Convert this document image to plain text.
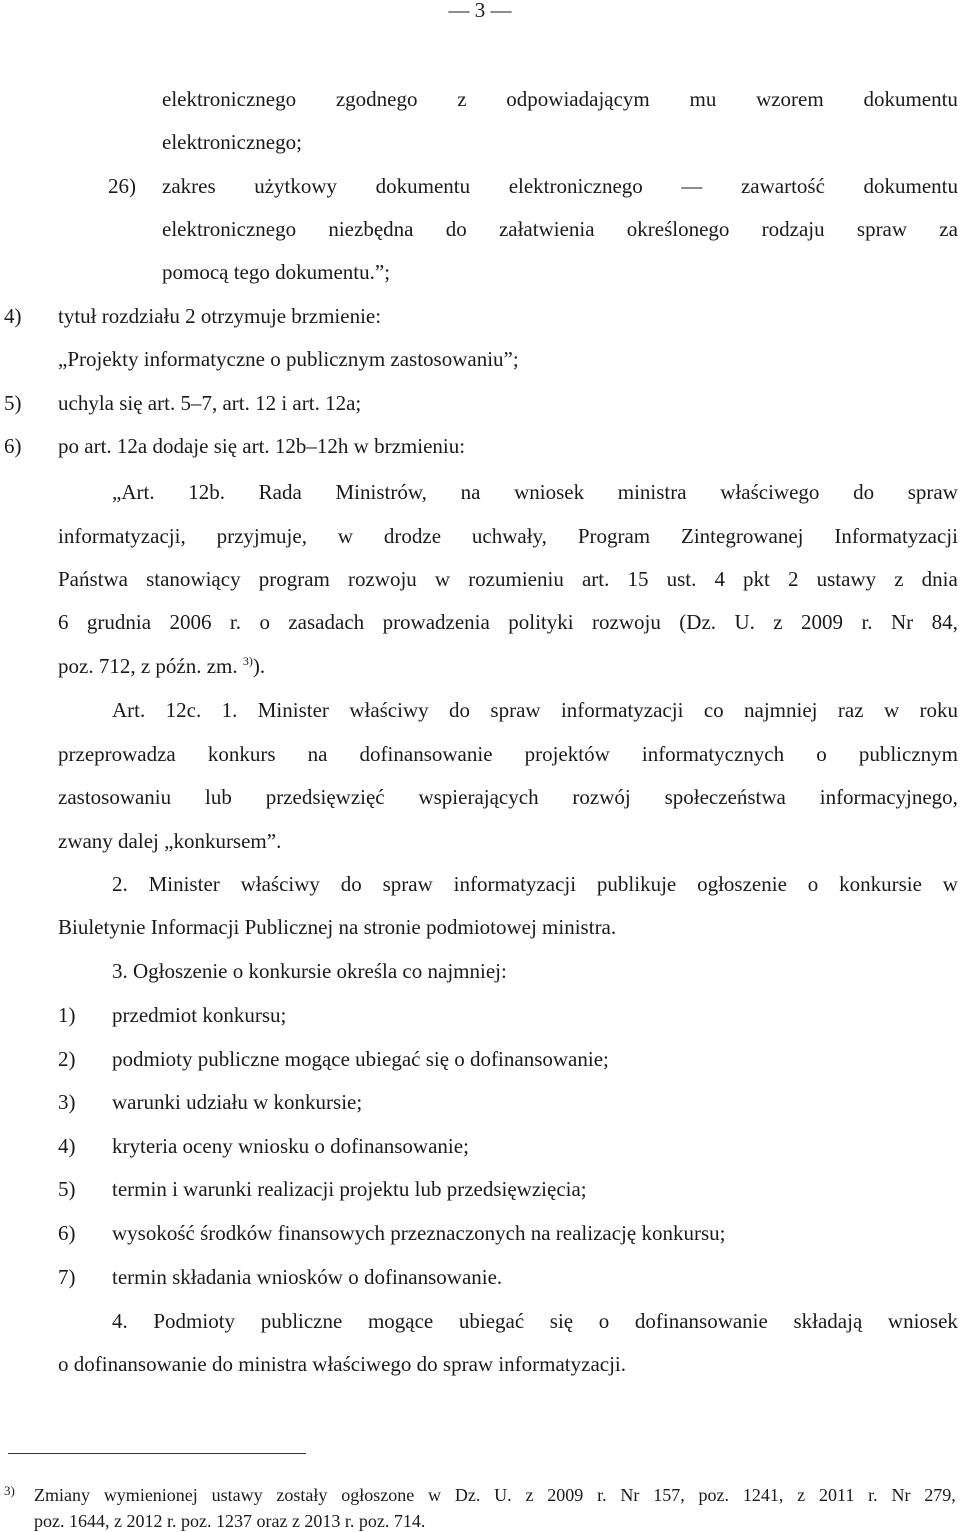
— 3 —
elektronicznego zgodnego z odpowiadającym mu wzorem dokumentu
elektronicznego;
26) zakres użytkowy dokumentu elektronicznego — zawartość dokumentu
elektronicznego niezbędna do załatwienia określonego rodzaju spraw za
pomocą tego dokumentu.”;
4) tytuł rozdziału 2 otrzymuje brzmienie:
„Projekty informatyczne o publicznym zastosowaniu”;
5) uchyla się art. 5–7, art. 12 i art. 12a;
6) po art. 12a dodaje się art. 12b–12h w brzmieniu:
„Art. 12b. Rada Ministrów, na wniosek ministra właściwego do spraw
informatyzacji, przyjmuje, w drodze uchwały, Program Zintegrowanej Informatyzacji
Państwa stanowiący program rozwoju w rozumieniu art. 15 ust. 4 pkt 2 ustawy z dnia
6 grudnia 2006 r. o zasadach prowadzenia polityki rozwoju (Dz. U. z 2009 r. Nr 84,
poz. 712, z późn. zm. $^{3)}$).
Art. 12c. 1. Minister właściwy do spraw informatyzacji co najmniej raz w roku
przeprowadza konkurs na dofinansowanie projektów informatycznych o publicznym
zastosowaniu lub przedsięwzięć wspierających rozwój społeczeństwa informacyjnego,
zwany dalej „konkursem”.
2. Minister właściwy do spraw informatyzacji publikuje ogłoszenie o konkursie w
Biuletynie Informacji Publicznej na stronie podmiotowej ministra.
3. Ogłoszenie o konkursie określa co najmniej:
1) przedmiot konkursu;
2) podmioty publiczne mogące ubiegać się o dofinansowanie;
3) warunki udziału w konkursie;
4) kryteria oceny wniosku o dofinansowanie;
5) termin i warunki realizacji projektu lub przedsięwzięcia;
6) wysokość środków finansowych przeznaczonych na realizację konkursu;
7) termin składania wniosków o dofinansowanie.
4. Podmioty publiczne mogące ubiegać się o dofinansowanie składają wniosek
o dofinansowanie do ministra właściwego do spraw informatyzacji.
3) Zmiany wymienionej ustawy zostały ogłoszone w Dz. U. z 2009 r. Nr 157, poz. 1241, z 2011 r. Nr 279,
poz. 1644, z 2012 r. poz. 1237 oraz z 2013 r. poz. 714.
